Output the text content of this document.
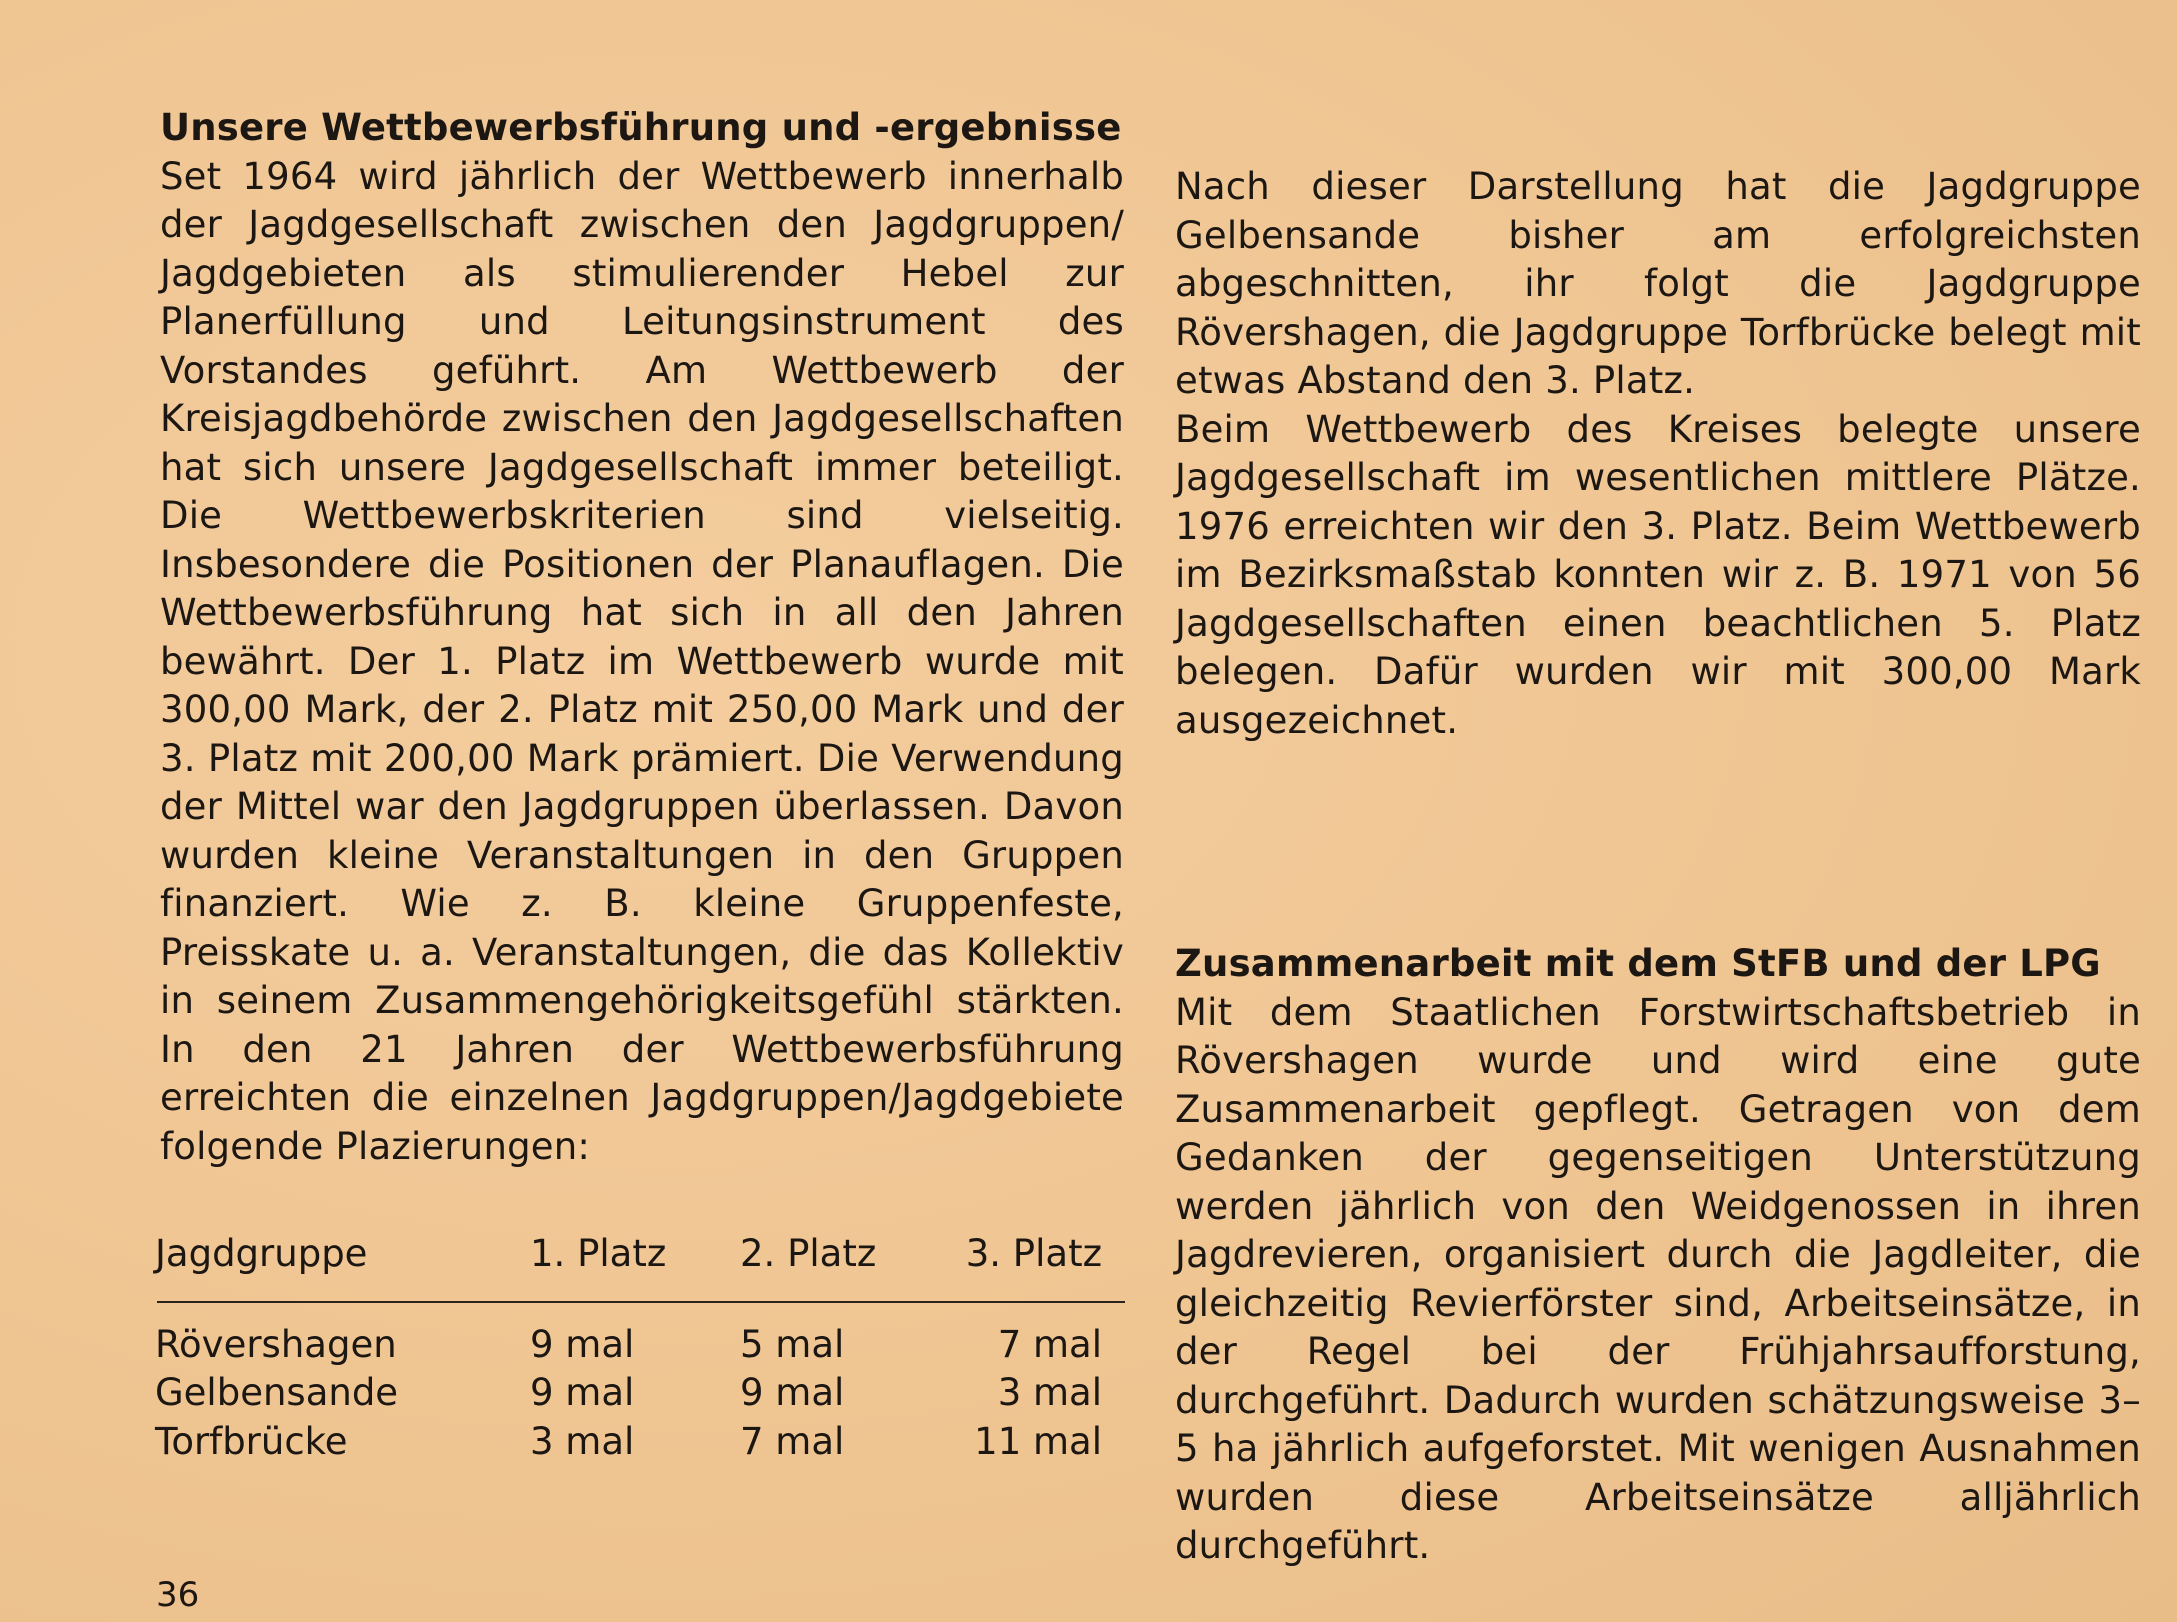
Unsere Wettbewerbsführung und -ergebnisse

Set 1964 wird jährlich der Wettbewerb innerhalb der Jagdgesellschaft zwischen den Jagdgruppen/ Jagdgebieten als stimulierender Hebel zur Planerfüllung und Leitungsinstrument des Vorstandes geführt. Am Wettbewerb der Kreisjagdbehörde zwischen den Jagdgesellschaften hat sich unsere Jagdgesellschaft immer beteiligt. Die Wettbewerbskriterien sind vielseitig. Insbesondere die Positionen der Planauflagen. Die Wettbewerbsführung hat sich in all den Jahren bewährt. Der 1. Platz im Wettbewerb wurde mit 300,00 Mark, der 2. Platz mit 250,00 Mark und der 3. Platz mit 200,00 Mark prämiert. Die Verwendung der Mittel war den Jagdgruppen überlassen. Davon wurden kleine Veranstaltungen in den Gruppen finanziert. Wie z. B. kleine Gruppenfeste, Preisskate u. a. Veranstaltungen, die das Kollektiv in seinem Zusammengehörigkeitsgefühl stärkten. In den 21 Jahren der Wettbewerbsführung erreichten die einzelnen Jagdgruppen/Jagdgebiete folgende Plazierungen:

Jagdgruppe	1. Platz	2. Platz	3. Platz
Rövershagen	9 mal	5 mal	7 mal
Gelbensande	9 mal	9 mal	3 mal
Torfbrücke	3 mal	7 mal	11 mal

Nach dieser Darstellung hat die Jagdgruppe Gelbensande bisher am erfolgreichsten abgeschnitten, ihr folgt die Jagdgruppe Rövershagen, die Jagdgruppe Torfbrücke belegt mit etwas Abstand den 3. Platz.

Beim Wettbewerb des Kreises belegte unsere Jagdgesellschaft im wesentlichen mittlere Plätze. 1976 erreichten wir den 3. Platz. Beim Wettbewerb im Bezirksmaßstab konnten wir z. B. 1971 von 56 Jagdgesellschaften einen beachtlichen 5. Platz belegen. Dafür wurden wir mit 300,00 Mark ausgezeichnet.

Zusammenarbeit mit dem StFB und der LPG

Mit dem Staatlichen Forstwirtschaftsbetrieb in Rövershagen wurde und wird eine gute Zusammenarbeit gepflegt. Getragen von dem Gedanken der gegenseitigen Unterstützung werden jährlich von den Weidgenossen in ihren Jagdrevieren, organisiert durch die Jagdleiter, die gleichzeitig Revierförster sind, Arbeitseinsätze, in der Regel bei der Frühjahrsaufforstung, durchgeführt. Dadurch wurden schätzungsweise 3–5 ha jährlich aufgeforstet. Mit wenigen Ausnahmen wurden diese Arbeitseinsätze alljährlich durchgeführt.

36
